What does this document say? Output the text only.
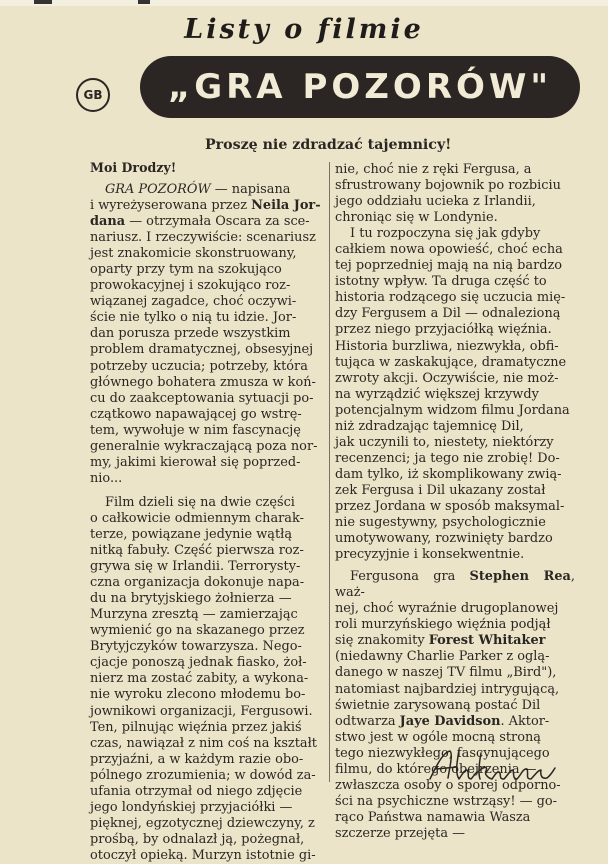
Listy o filmie
GB „GRA POZORÓW"
Proszę nie zdradzać tajemnicy!
Moi Drodzy!

GRA POZORÓW — napisana
i wyreżyserowana przez Neila Jor-
dana — otrzymała Oscara za sce-
nariusz. I rzeczywiście: scenariusz
jest znakomicie skonstruowany,
oparty przy tym na szokująco
prowokacyjnej i szokująco roz-
wiązanej zagadce, choć oczywi-
ście nie tylko o nią tu idzie. Jor-
dan porusza przede wszystkim
problem dramatycznej, obsesyjnej
potrzeby uczucia; potrzeby, która
głównego bohatera zmusza w koń-
cu do zaakceptowania sytuacji po-
czątkowo napawającej go wstrę-
tem, wywołuje w nim fascynację
generalnie wykraczającą poza nor-
my, jakimi kierował się poprzed-
nio...

Film dzieli się na dwie części
o całkowicie odmiennym charak-
terze, powiązane jedynie wątłą
nitką fabuły. Część pierwsza roz-
grywa się w Irlandii. Terrorysty-
czna organizacja dokonuje napa-
du na brytyjskiego żołnierza —
Murzyna zresztą — zamierzając
wymienić go na skazanego przez
Brytyjczyków towarzysza. Nego-
cjacje ponoszą jednak fiasko, żoł-
nierz ma zostać zabity, a wykona-
nie wyroku zlecono młodemu bo-
jownikowi organizacji, Fergusowi.
Ten, pilnując więźnia przez jakiś
czas, nawiązał z nim coś na kształt
przyjaźni, a w każdym razie obo-
pólnego zrozumienia; w dowód za-
ufania otrzymał od niego zdjęcie
jego londyńskiej przyjaciółki —
pięknej, egzotycznej dziewczyny, z
prośbą, by odnalazł ją, pożegnał,
otoczył opieką. Murzyn istotnie gi-

nie, choć nie z ręki Fergusa, a
sfrustrowany bojownik po rozbiciu
jego oddziału ucieka z Irlandii,
chroniąc się w Londynie.

I tu rozpoczyna się jak gdyby
całkiem nowa opowieść, choć echa
tej poprzedniej mają na nią bardzo
istotny wpływ. Ta druga część to
historia rodzącego się uczucia mię-
dzy Fergusem a Dil — odnalezioną
przez niego przyjaciółką więźnia.
Historia burzliwa, niezwykła, obfi-
tująca w zaskakujące, dramatyczne
zwroty akcji. Oczywiście, nie moż-
na wyrządzić większej krzywdy
potencjalnym widzom filmu Jordana
niż zdradzając tajemnicę Dil,
jak uczynili to, niestety, niektórzy
recenzenci; ja tego nie zrobię! Do-
dam tylko, iż skomplikowany zwią-
zek Fergusa i Dil ukazany został
przez Jordana w sposób maksymal-
nie sugestywny, psychologicznie
umotywowany, rozwinięty bardzo
precyzyjnie i konsekwentnie.

Fergusona gra Stephen Rea, waż-
nej, choć wyraźnie drugoplanowej
roli murzyńskiego więźnia podjął
się znakomity Forest Whitaker
(niedawny Charlie Parker z oglą-
danego w naszej TV filmu „Bird"),
natomiast najbardziej intrygującą,
świetnie zarysowaną postać Dil
odtwarza Jaye Davidson. Aktor-
stwo jest w ogóle mocną stroną
tego niezwykłego, fascynującego
filmu, do którego obejrzenia —
zwłaszcza osoby o sporej odporno-
ści na psychiczne wstrząsy! — go-
rąco Państwa namawia Wasza
szczerze przejęta —
